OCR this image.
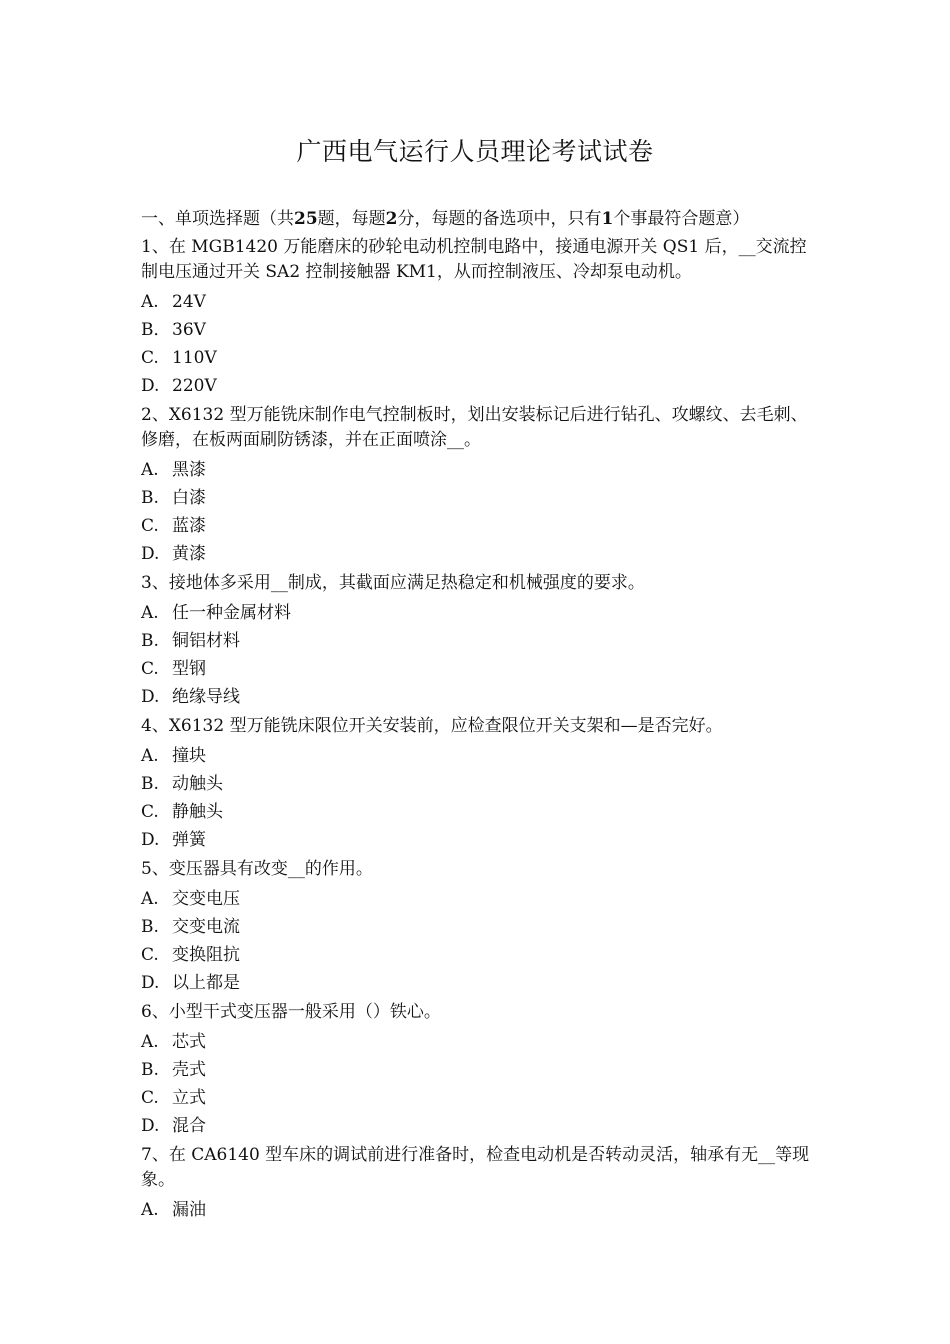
广西电气运行人员理论考试试卷
一、单项选择题（共25题，每题2分，每题的备选项中，只有1个事最符合题意）
1、在 MGB1420 万能磨床的砂轮电动机控制电路中，接通电源开关 QS1 后，__交流控制电压通过开关 SA2 控制接触器 KM1，从而控制液压、冷却泵电动机。
A. 24V
B．36V
C. 110V
D. 220V
2、X6132 型万能铣床制作电气控制板时，划出安装标记后进行钻孔、攻螺纹、去毛刺、修磨，在板两面刷防锈漆，并在正面喷涂__。
A. 黑漆
B. 白漆
C. 蓝漆
D. 黄漆
3、接地体多采用__制成，其截面应满足热稳定和机械强度的要求。
A. 任一种金属材料
B. 铜铝材料
C. 型钢
D. 绝缘导线
4、X6132 型万能铣床限位开关安装前，应检查限位开关支架和—是否完好。
A. 撞块
B. 动触头
C. 静触头
D. 弹簧
5、变压器具有改变__的作用。
A. 交变电压
B. 交变电流
C. 变换阻抗
D. 以上都是
6、小型干式变压器一般采用（）铁心。
A. 芯式
B. 壳式
C. 立式
D. 混合
7、在 CA6140 型车床的调试前进行准备时，检查电动机是否转动灵活，轴承有无__等现象。
A. 漏油
